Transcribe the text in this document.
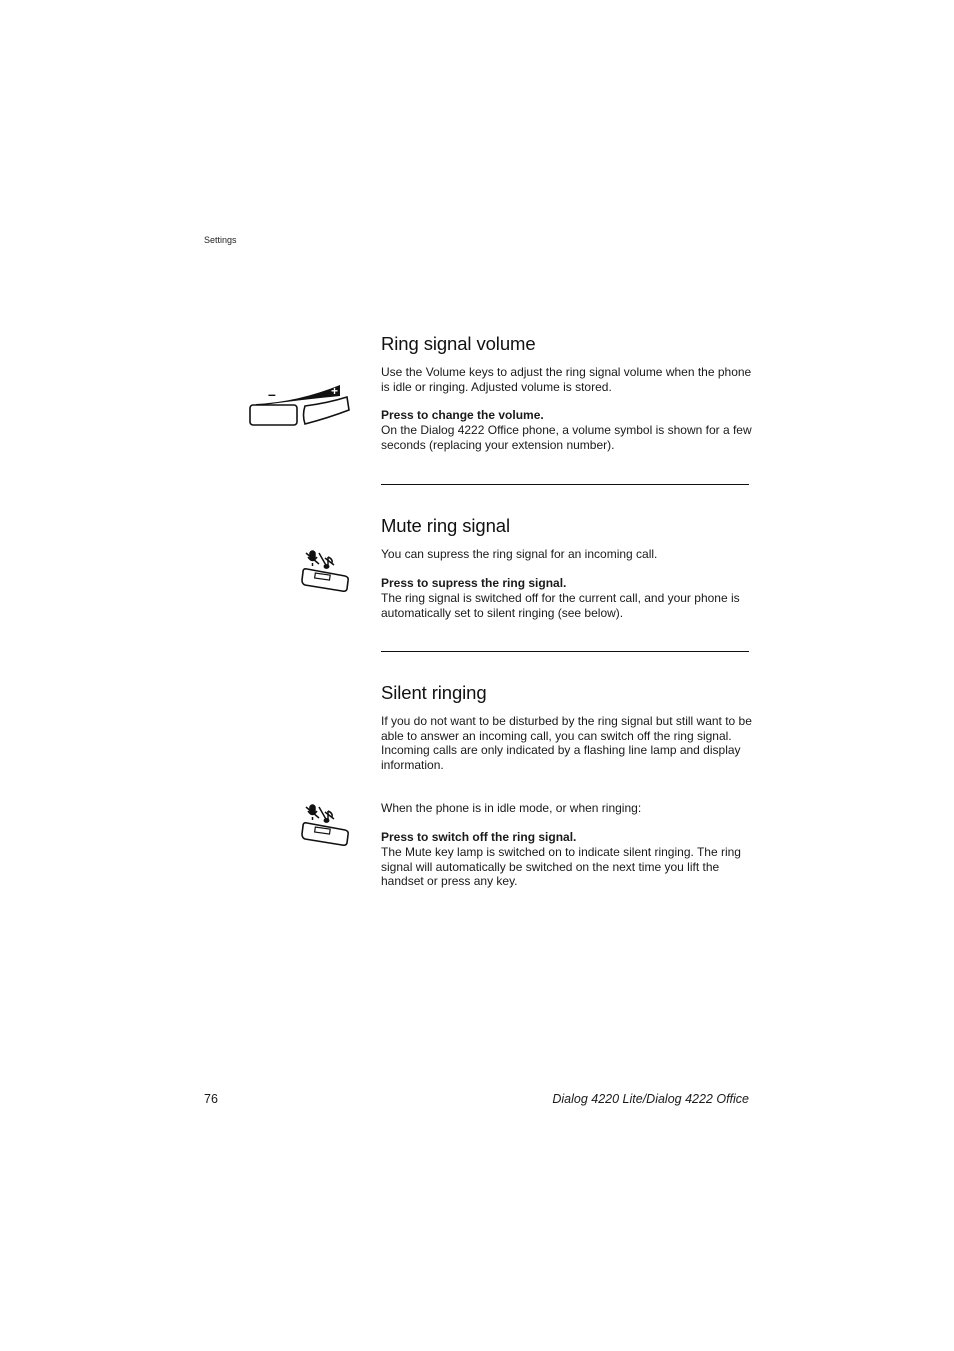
Settings
Ring signal volume

Use the Volume keys to adjust the ring signal volume when the phone is idle or ringing. Adjusted volume is stored.

Press to change the volume.

On the Dialog 4222 Office phone, a volume symbol is shown for a few seconds (replacing your extension number).

–	+
Mute ring signal

You can supress the ring signal for an incoming call.

Press to supress the ring signal.

The ring signal is switched off for the current call, and your phone is automatically set to silent ringing (see below).

Silent ringing

If you do not want to be disturbed by the ring signal but still want to be able to answer an incoming call, you can switch off the ring signal. Incoming calls are only indicated by a flashing line lamp and display information.

When the phone is in idle mode, or when ringing:

Press to switch off the ring signal.

The Mute key lamp is switched on to indicate silent ringing. The ring signal will automatically be switched on the next time you lift the handset or press any key.

76	Dialog 4220 Lite/Dialog 4222 Office
